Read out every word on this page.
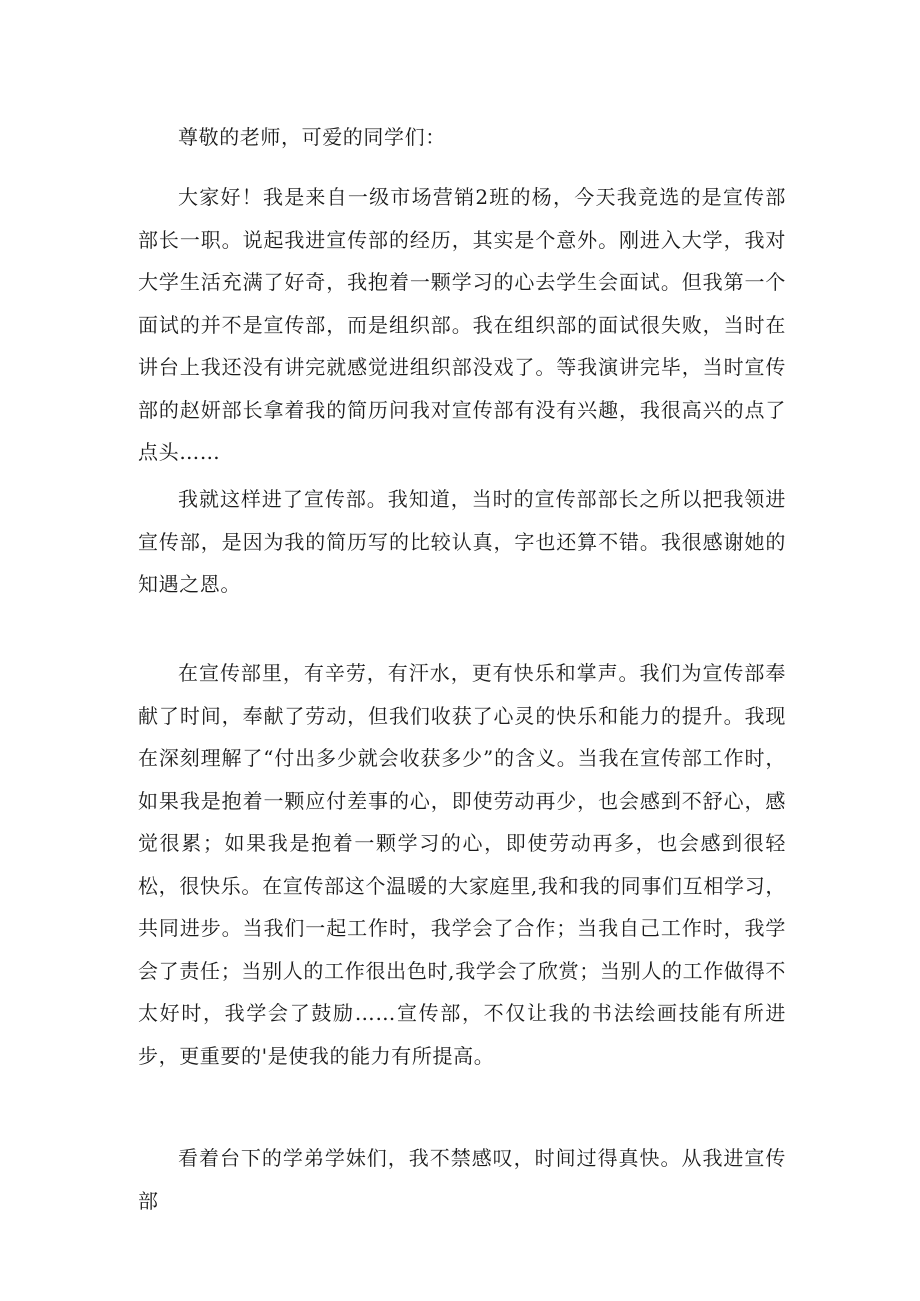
尊敬的老师，可爱的同学们：

大家好！我是来自一级市场营销2班的杨，今天我竞选的是宣传部部长一职。说起我进宣传部的经历，其实是个意外。刚进入大学，我对大学生活充满了好奇，我抱着一颗学习的心去学生会面试。但我第一个面试的并不是宣传部，而是组织部。我在组织部的面试很失败，当时在讲台上我还没有讲完就感觉进组织部没戏了。等我演讲完毕，当时宣传部的赵妍部长拿着我的简历问我对宣传部有没有兴趣，我很高兴的点了点头……

我就这样进了宣传部。我知道，当时的宣传部部长之所以把我领进宣传部，是因为我的简历写的比较认真，字也还算不错。我很感谢她的知遇之恩。

在宣传部里，有辛劳，有汗水，更有快乐和掌声。我们为宣传部奉献了时间，奉献了劳动，但我们收获了心灵的快乐和能力的提升。我现在深刻理解了“付出多少就会收获多少”的含义。当我在宣传部工作时，如果我是抱着一颗应付差事的心，即使劳动再少，也会感到不舒心，感觉很累；如果我是抱着一颗学习的心，即使劳动再多，也会感到很轻松，很快乐。在宣传部这个温暖的大家庭里,我和我的同事们互相学习，共同进步。当我们一起工作时，我学会了合作；当我自己工作时，我学会了责任；当别人的工作很出色时,我学会了欣赏；当别人的工作做得不太好时，我学会了鼓励……宣传部，不仅让我的书法绘画技能有所进步，更重要的'是使我的能力有所提高。

看着台下的学弟学妹们，我不禁感叹，时间过得真快。从我进宣传部
